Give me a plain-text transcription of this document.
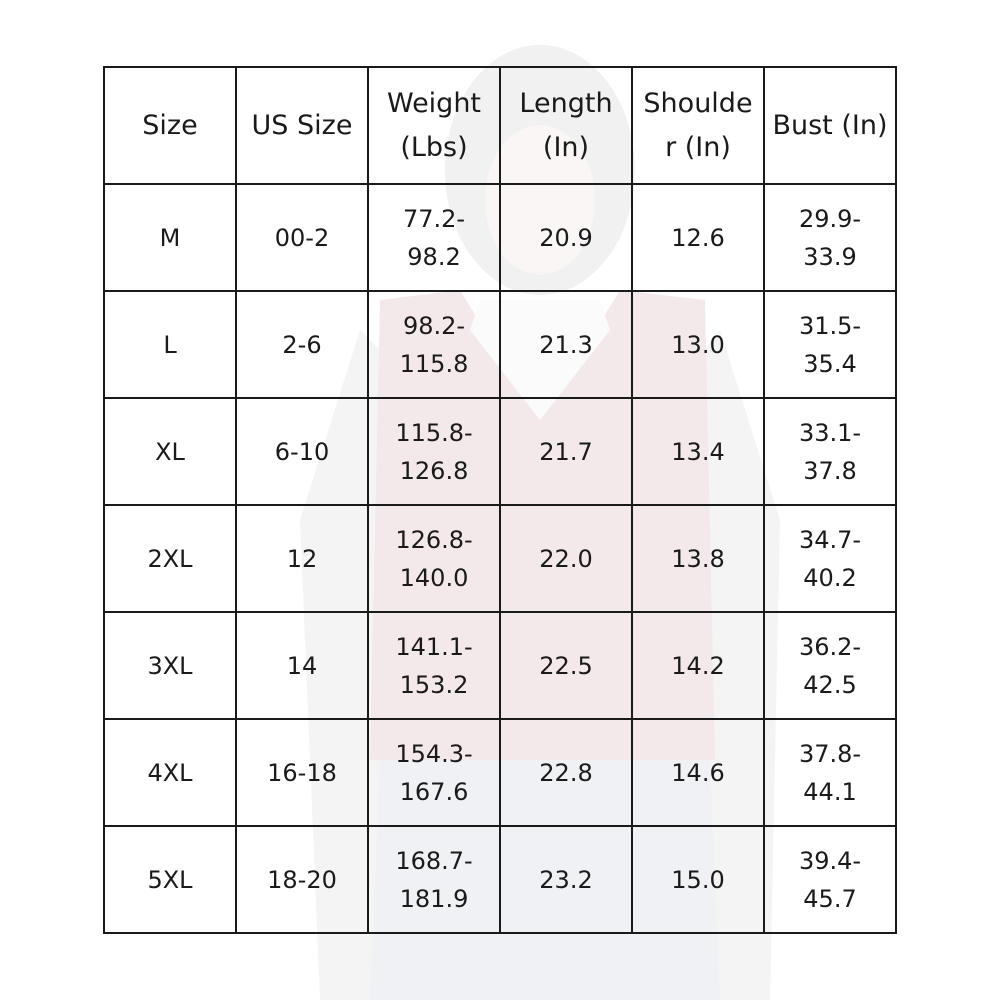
Size	US Size	Weight (Lbs)	Length (In)	Shoulde r (In)	Bust (In)
M	00-2	77.2- 98.2	20.9	12.6	29.9- 33.9
L	2-6	98.2- 115.8	21.3	13.0	31.5- 35.4
XL	6-10	115.8- 126.8	21.7	13.4	33.1- 37.8
2XL	12	126.8- 140.0	22.0	13.8	34.7- 40.2
3XL	14	141.1- 153.2	22.5	14.2	36.2- 42.5
4XL	16-18	154.3- 167.6	22.8	14.6	37.8- 44.1
5XL	18-20	168.7- 181.9	23.2	15.0	39.4- 45.7
